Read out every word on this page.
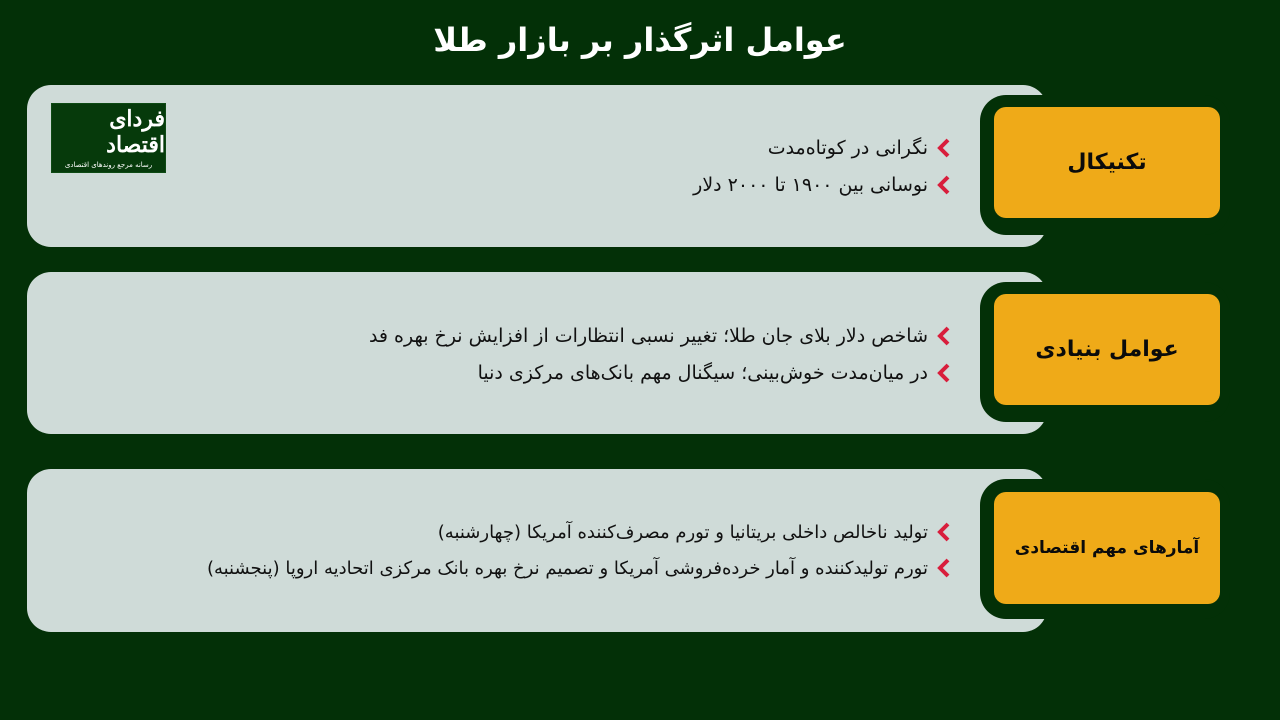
عوامل اثرگذار بر بازار طلا
تکنیکال
نگرانی در کوتاه‌مدت
نوسانی بین ۱۹۰۰ تا ۲۰۰۰ دلار
فردای اقتصاد
رسانه مرجع روندهای اقتصادی
عوامل بنیادی
شاخص دلار بلای جان طلا؛ تغییر نسبی انتظارات از افزایش نرخ بهره فد
در میان‌مدت خوش‌بینی؛ سیگنال مهم بانک‌های مرکزی دنیا
آمارهای مهم اقتصادی
تولید ناخالص داخلی بریتانیا و تورم مصرف‌کننده آمریکا (چهارشنبه)
تورم تولیدکننده و آمار خرده‌فروشی آمریکا و تصمیم نرخ بهره بانک مرکزی اتحادیه اروپا (پنجشنبه)
